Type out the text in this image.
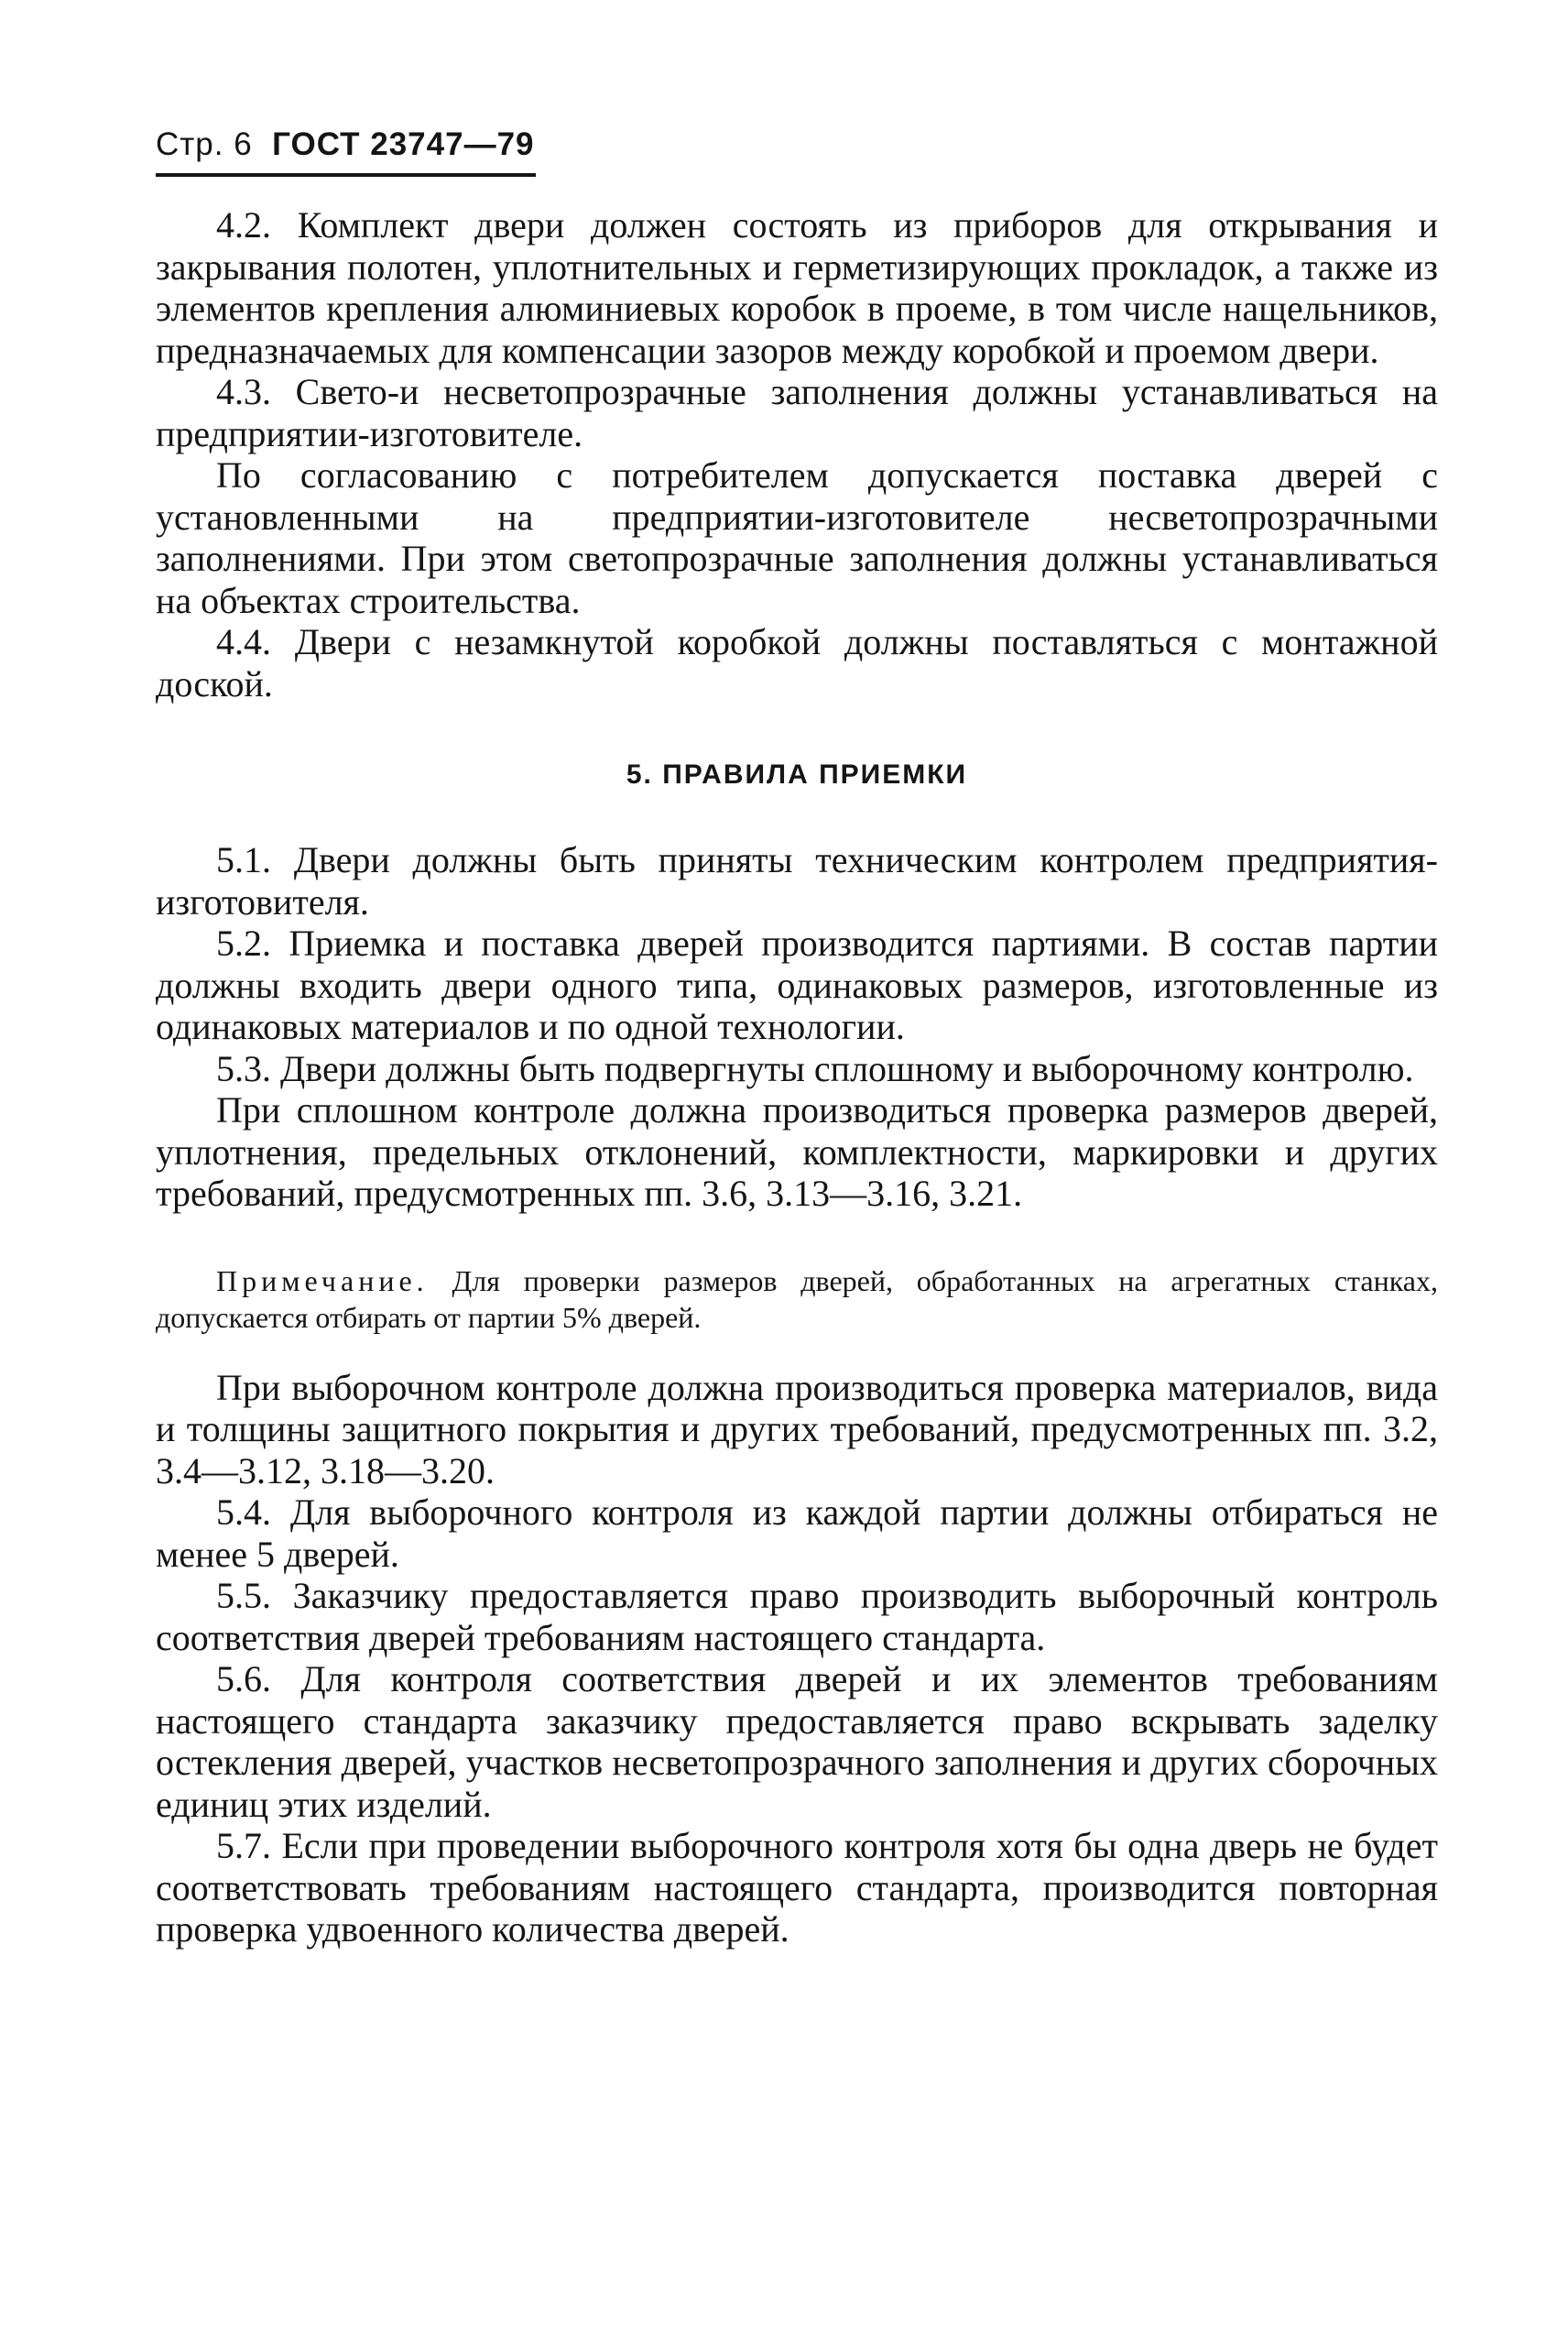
Стр. 6 ГОСТ 23747—79

4.2. Комплект двери должен состоять из приборов для открывания и закрывания полотен, уплотнительных и герметизирующих прокладок, а также из элементов крепления алюминиевых коробок в проеме, в том числе нащельников, предназначаемых для компенсации зазоров между коробкой и проемом двери.

4.3. Свето-и несветопрозрачные заполнения должны устанавливаться на предприятии-изготовителе.

По согласованию с потребителем допускается поставка дверей с установленными на предприятии-изготовителе несветопрозрачными заполнениями. При этом светопрозрачные заполнения должны устанавливаться на объектах строительства.

4.4. Двери с незамкнутой коробкой должны поставляться с монтажной доской.

5. ПРАВИЛА ПРИЕМКИ

5.1. Двери должны быть приняты техническим контролем предприятия-изготовителя.

5.2. Приемка и поставка дверей производится партиями. В состав партии должны входить двери одного типа, одинаковых размеров, изготовленные из одинаковых материалов и по одной технологии.

5.3. Двери должны быть подвергнуты сплошному и выборочному контролю.

При сплошном контроле должна производиться проверка размеров дверей, уплотнения, предельных отклонений, комплектности, маркировки и других требований, предусмотренных пп. 3.6, 3.13—3.16, 3.21.

Примечание. Для проверки размеров дверей, обработанных на агрегатных станках, допускается отбирать от партии 5% дверей.

При выборочном контроле должна производиться проверка материалов, вида и толщины защитного покрытия и других требований, предусмотренных пп. 3.2, 3.4—3.12, 3.18—3.20.

5.4. Для выборочного контроля из каждой партии должны отбираться не менее 5 дверей.

5.5. Заказчику предоставляется право производить выборочный контроль соответствия дверей требованиям настоящего стандарта.

5.6. Для контроля соответствия дверей и их элементов требованиям настоящего стандарта заказчику предоставляется право вскрывать заделку остекления дверей, участков несветопрозрачного заполнения и других сборочных единиц этих изделий.

5.7. Если при проведении выборочного контроля хотя бы одна дверь не будет соответствовать требованиям настоящего стандарта, производится повторная проверка удвоенного количества дверей.
